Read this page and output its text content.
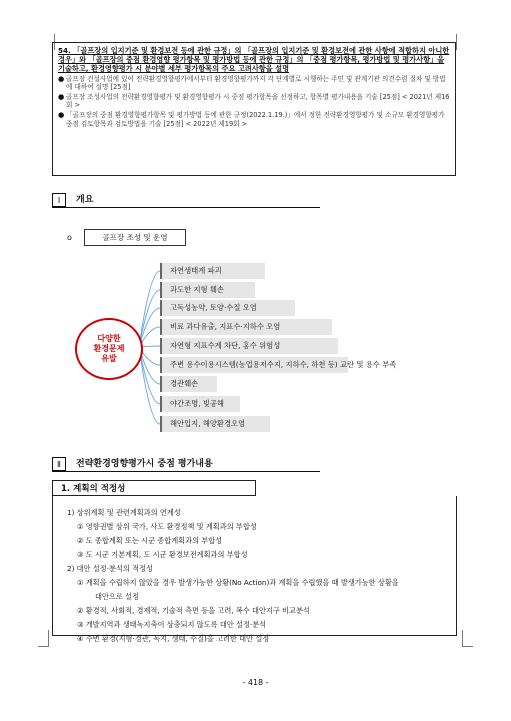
54. 「골프장의 입지기준 및 환경보전 등에 관한 규정」의 「골프장의 입지기준 및 환경보전에 관한 사항에 적합하지 아니한 경우」와 「골프장의 중점 환경영향 평가항목 및 평가방법 등에 관한 규정」의 「중점 평가항목, 평가방법 및 평가사항」을 기술하고, 환경영향평가 시 분야별 세부 평가항목의 주요 고려사항을 설명
● 골프장 건설사업에 있어 전략환경영향평가에서부터 환경영향평가까지 각 단계별로 시행하는 주민 및 관계기관 의견수렴 절차 및 방법에 대하여 설명 [25점]
● 골프장 조성사업의 전략환경영향평가 및 환경영향평가 시 중점 평가항목을 선정하고, 항목별 평가내용을 기술 [25점] < 2021년 제16회 >
● 「골프장의 중점 환경영향평가항목 및 평가방법 등에 관한 규정(2022.1.19.)」에서 정한 전략환경영향평가 및 소규모 환경영향평가 중점 검토항목과 검토방법을 기술 [25점] < 2022년 제19회 >
Ⅰ	개요
ο	골프장 조성 및 운영
다양한
환경문제
유발
자연생태계 파괴
과도한 지형 훼손
고독성농약, 토양·수질 오염
비료 과다유출, 지표수·지하수 오염
자연형 지표수계 차단, 홍수 위험성
주변 용수이용시스템(농업용저수지, 지하수, 하천 등) 교란 및 용수 부족
경관훼손
야간조명, 빛공해
해안입지, 해양환경오염
Ⅱ	전략환경영향평가시 중점 평가내용
1. 계획의 적정성
1) 상위계획 및 관련계획과의 연계성
① 영향권별 상위 국가, 사도 환경정책 및 계획과의 부합성
② 도 종합계획 또는 시군 종합계획과의 부합성
③ 도 시군 기본계획, 도 시군 환경보전계획과의 부합성
2) 대안 설정·분석의 적정성
① 계획을 수립하지 않았을 경우 발생가능한 상황(No Action)과 계획을 수립했을 때 발생가능한 상황을
대안으로 설정
② 환경적, 사회적, 경제적, 기술적 측면 등을 고려, 복수 대안지구 비교분석
③ 개발지역과 생태녹지축이 상충되지 않도록 대안 설정·분석
④ 주변 환경(지형·경관, 녹지, 생태, 수질)을 고려한 대안 설정
- 418 -
